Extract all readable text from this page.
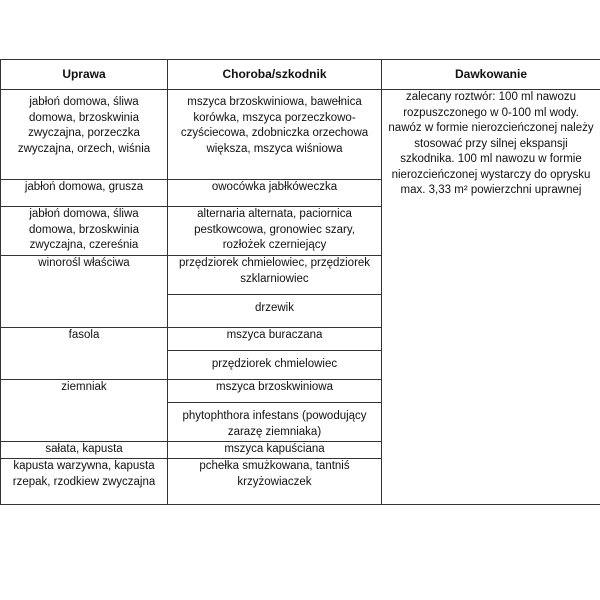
Uprawa	Choroba/szkodnik	Dawkowanie
jabłoń domowa, śliwa domowa, brzoskwinia zwyczajna, porzeczka zwyczajna, orzech, wiśnia	mszyca brzoskwiniowa, bawełnica korówka, mszyca porzeczkowo-czyściecowa, zdobniczka orzechowa większa, mszyca wiśniowa	zalecany roztwór: 100 ml nawozu rozpuszczonego w 0-100 ml wody. nawóz w formie nierozcieńczonej należy stosować przy silnej ekspansji szkodnika. 100 ml nawozu w formie nierozcieńczonej wystarczy do oprysku max. 3,33 m² powierzchni uprawnej
jabłoń domowa, grusza	owocówka jabłkóweczka	
jabłoń domowa, śliwa domowa, brzoskwinia zwyczajna, czereśnia	alternaria alternata, paciornica pestkowcowa, gronowiec szary, rozłożek czerniejący	
winorośl właściwa	przędziorek chmielowiec, przędziorek szklarniowiec	
	drzewik	
fasola	mszyca buraczana	
	przędziorek chmielowiec	
ziemniak	mszyca brzoskwiniowa	
	phytophthora infestans (powodujący zarazę ziemniaka)	
sałata, kapusta	mszyca kapuściana	
kapusta warzywna, kapusta rzepak, rzodkiew zwyczajna	pchełka smużkowana, tantniś krzyżowiaczek	
